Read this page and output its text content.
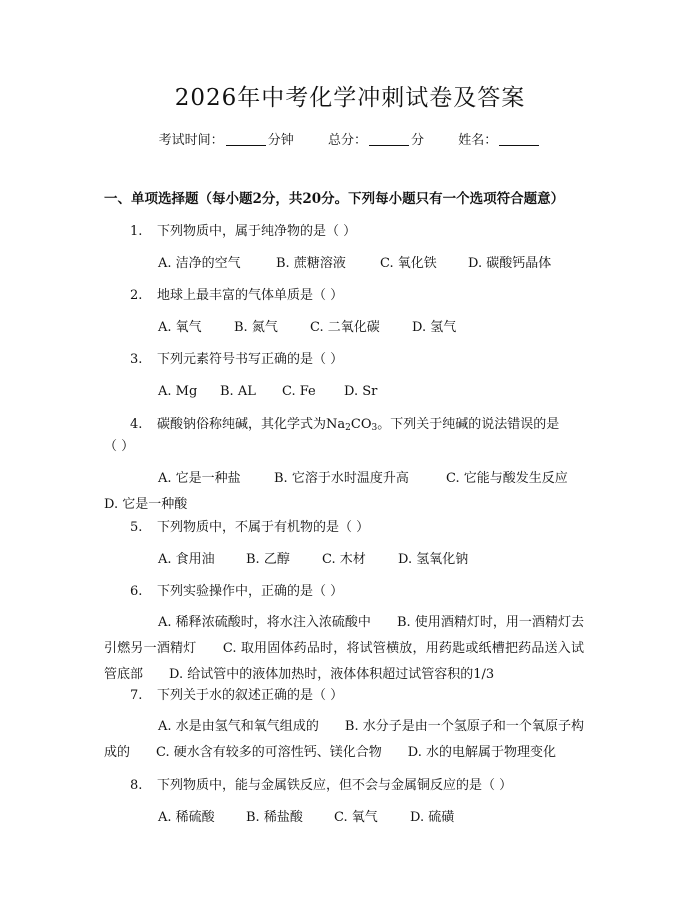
2026年中考化学冲刺试卷及答案
考试时间：	分钟	总分：	分	姓名：
一、单项选择题（每小题2分，共20分。下列每小题只有一个选项符合题意）
1. 下列物质中，属于纯净物的是（ ）
A. 洁净的空气	B. 蔗糖溶液	C. 氧化铁 D. 碳酸钙晶体
2. 地球上最丰富的气体单质是（ ）
A. 氧气 B. 氮气 C. 二氧化碳 D. 氢气
3. 下列元素符号书写正确的是（ ）
A. Mg B. AL C. Fe D. Sr
4. 碳酸钠俗称纯碱，其化学式为$Na_2CO_3$。下列关于纯碱的说法错误的是
（ ）
A. 它是一种盐	B. 它溶于水时温度升高	C. 它能与酸发生反应
D. 它是一种酸
5. 下列物质中，不属于有机物的是（ ）
A. 食用油 B. 乙醇 C. 木材 D. 氢氧化钠
6. 下列实验操作中，正确的是（ ）
A. 稀释浓硫酸时，将水注入浓硫酸中　　B. 使用酒精灯时，用一酒精灯去引燃另一酒精灯　　C. 取用固体药品时，将试管横放，用药匙或纸槽把药品送入试管底部　　D. 给试管中的液体加热时，液体体积超过试管容积的1/3
7. 下列关于水的叙述正确的是（ ）
A. 水是由氢气和氧气组成的　　B. 水分子是由一个氢原子和一个氧原子构成的　　C. 硬水含有较多的可溶性钙、镁化合物　　D. 水的电解属于物理变化
8. 下列物质中，能与金属铁反应，但不会与金属铜反应的是（ ）
A. 稀硫酸 B. 稀盐酸 C. 氧气 D. 硫磺
